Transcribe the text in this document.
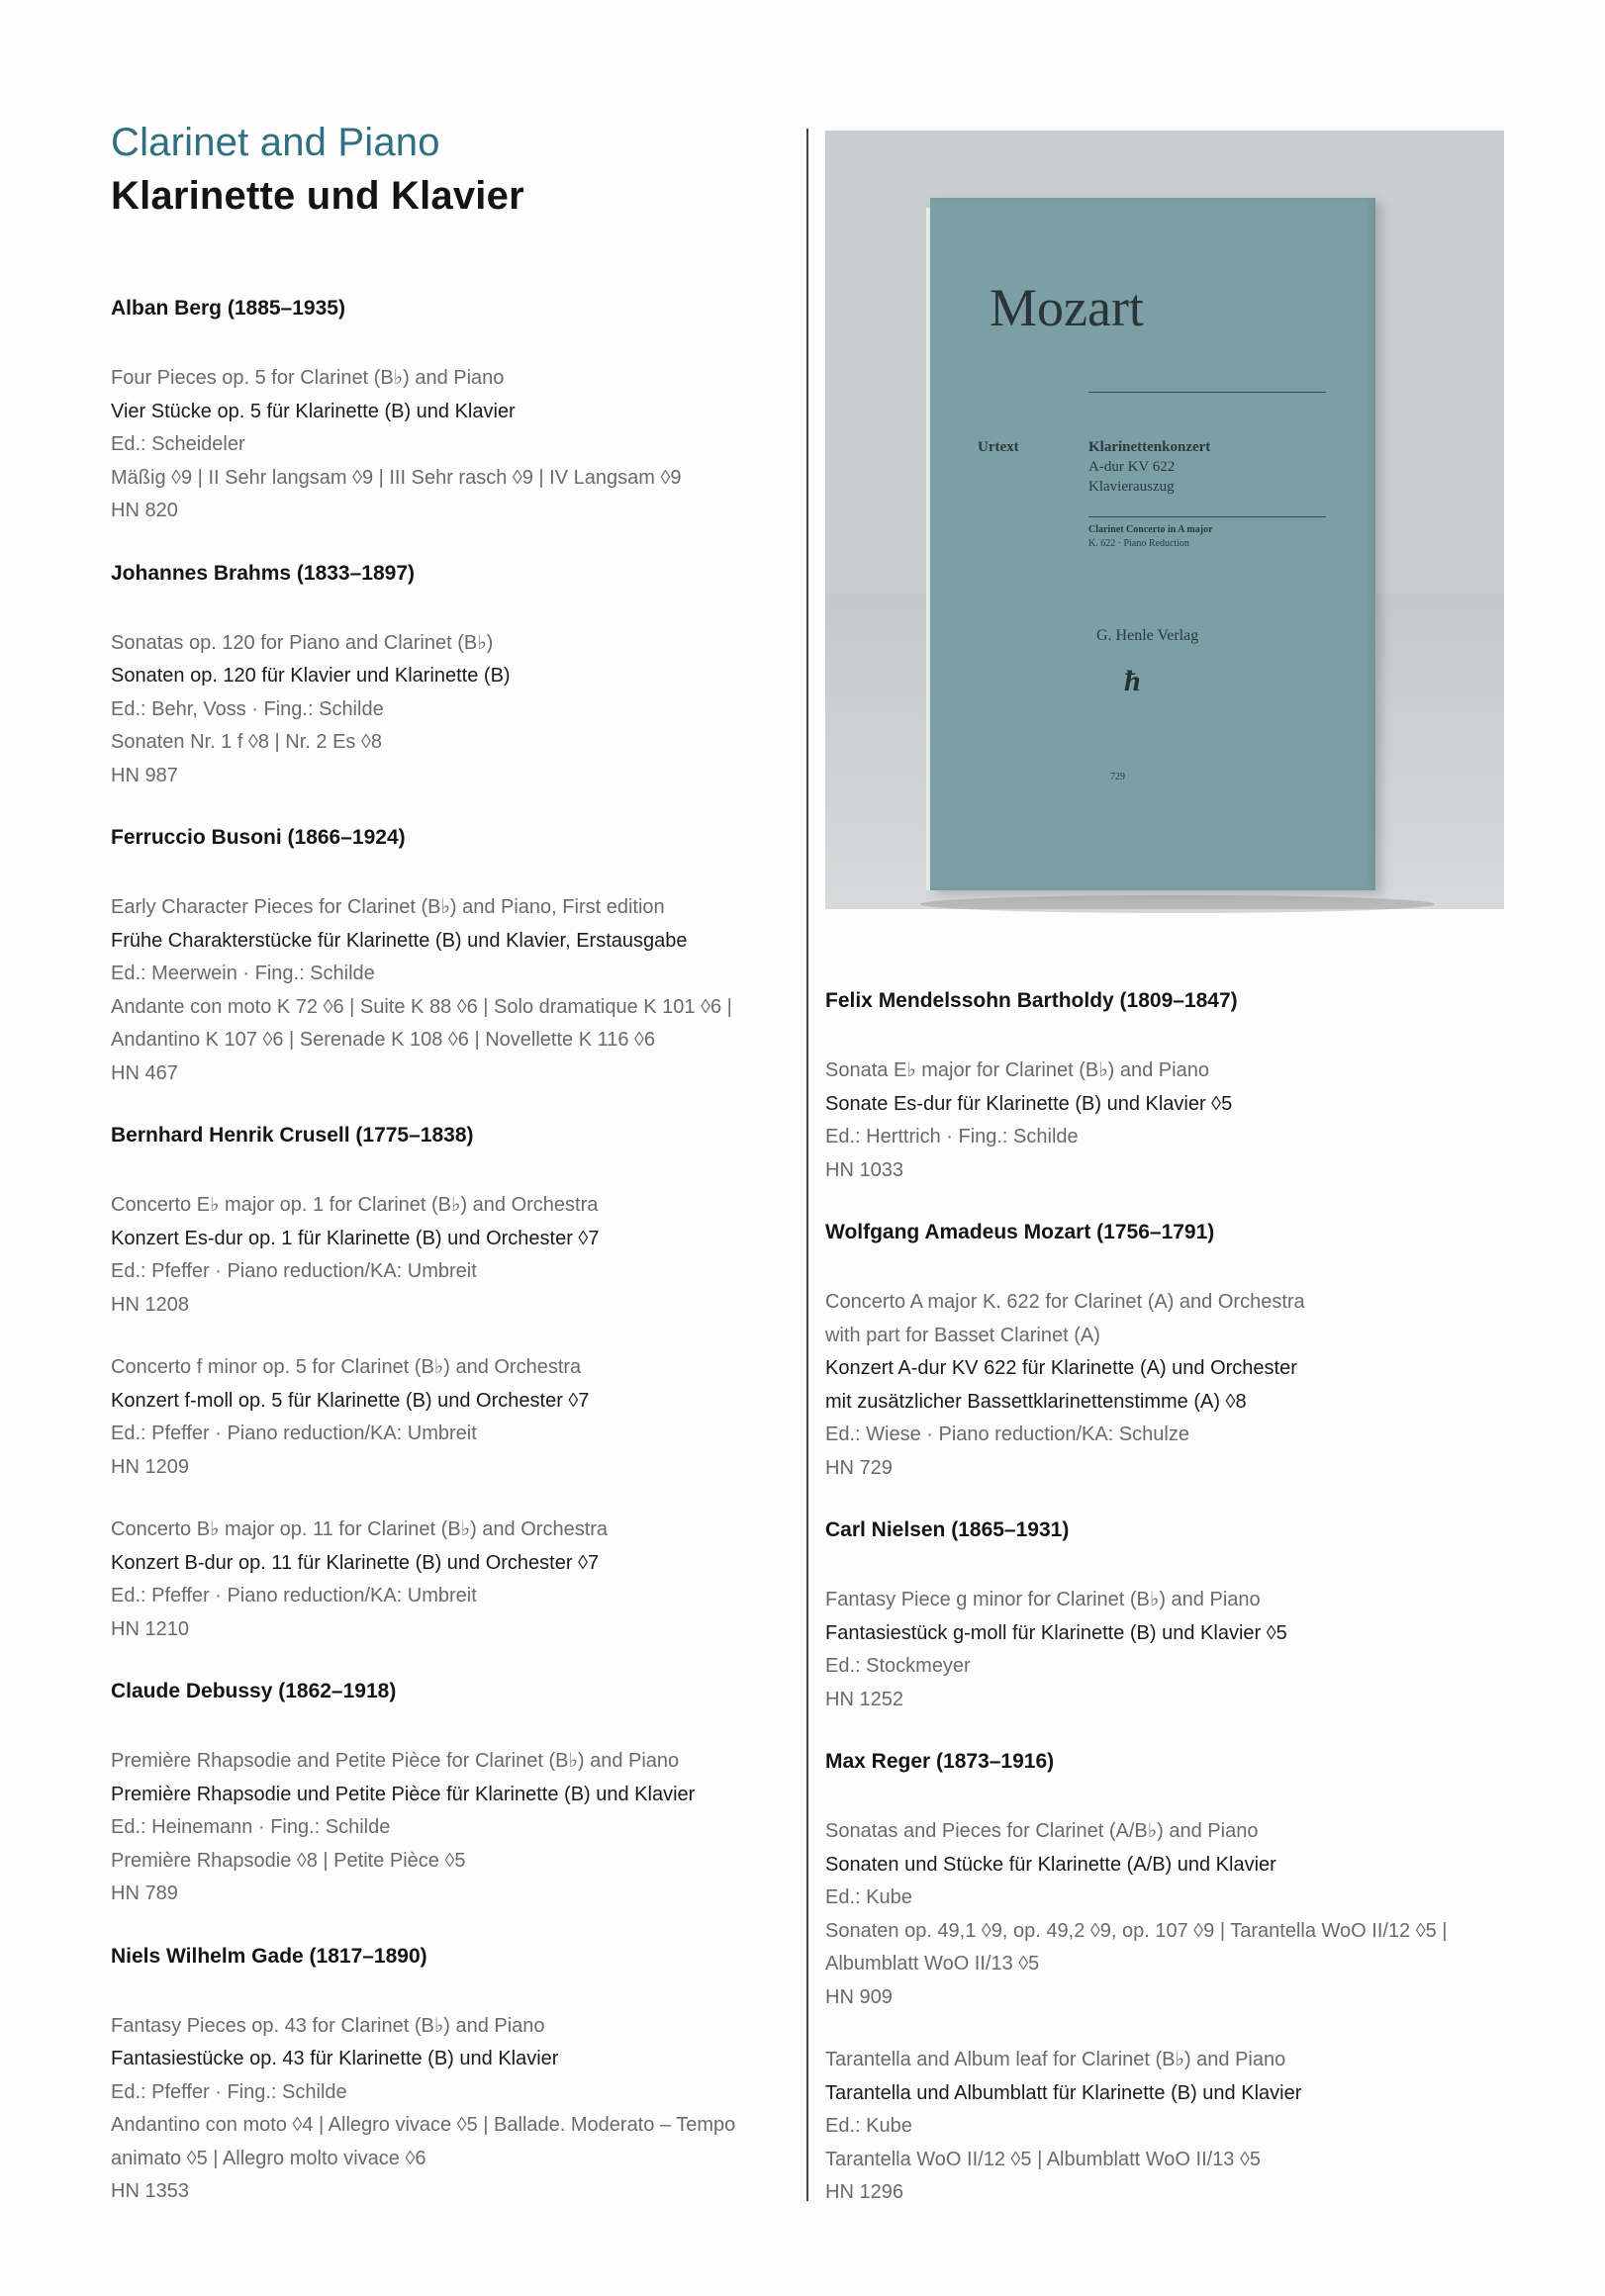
Clarinet and Piano
Klarinette und Klavier
Alban Berg (1885–1935)
Four Pieces op. 5 for Clarinet (B♭) and Piano
Vier Stücke op. 5 für Klarinette (B) und Klavier
Ed.: Scheideler
Mäßig ◊9 | II Sehr langsam ◊9 | III Sehr rasch ◊9 | IV Langsam ◊9
HN 820
Johannes Brahms (1833–1897)
Sonatas op. 120 for Piano and Clarinet (B♭)
Sonaten op. 120 für Klavier und Klarinette (B)
Ed.: Behr, Voss · Fing.: Schilde
Sonaten Nr. 1 f ◊8 | Nr. 2 Es ◊8
HN 987
Ferruccio Busoni (1866–1924)
Early Character Pieces for Clarinet (B♭) and Piano, First edition
Frühe Charakterstücke für Klarinette (B) und Klavier, Erstausgabe
Ed.: Meerwein · Fing.: Schilde
Andante con moto K 72 ◊6 | Suite K 88 ◊6 | Solo dramatique K 101 ◊6 |
Andantino K 107 ◊6 | Serenade K 108 ◊6 | Novellette K 116 ◊6
HN 467
Bernhard Henrik Crusell (1775–1838)
Concerto E♭ major op. 1 for Clarinet (B♭) and Orchestra
Konzert Es-dur op. 1 für Klarinette (B) und Orchester ◊7
Ed.: Pfeffer · Piano reduction/KA: Umbreit
HN 1208
Concerto f minor op. 5 for Clarinet (B♭) and Orchestra
Konzert f-moll op. 5 für Klarinette (B) und Orchester ◊7
Ed.: Pfeffer · Piano reduction/KA: Umbreit
HN 1209
Concerto B♭ major op. 11 for Clarinet (B♭) and Orchestra
Konzert B-dur op. 11 für Klarinette (B) und Orchester ◊7
Ed.: Pfeffer · Piano reduction/KA: Umbreit
HN 1210
Claude Debussy (1862–1918)
Première Rhapsodie and Petite Pièce for Clarinet (B♭) and Piano
Première Rhapsodie und Petite Pièce für Klarinette (B) und Klavier
Ed.: Heinemann · Fing.: Schilde
Première Rhapsodie ◊8 | Petite Pièce ◊5
HN 789
Niels Wilhelm Gade (1817–1890)
Fantasy Pieces op. 43 for Clarinet (B♭) and Piano
Fantasiestücke op. 43 für Klarinette (B) und Klavier
Ed.: Pfeffer · Fing.: Schilde
Andantino con moto ◊4 | Allegro vivace ◊5 | Ballade. Moderato – Tempo
animato ◊5 | Allegro molto vivace ◊6
HN 1353
Mozart
Urtext	Klarinettenkonzert
A-dur KV 622
Klavierauszug
Clarinet Concerto in A major
K. 622 · Piano Reduction
G. Henle Verlag
ħ
729
Felix Mendelssohn Bartholdy (1809–1847)
Sonata E♭ major for Clarinet (B♭) and Piano
Sonate Es-dur für Klarinette (B) und Klavier ◊5
Ed.: Herttrich · Fing.: Schilde
HN 1033
Wolfgang Amadeus Mozart (1756–1791)
Concerto A major K. 622 for Clarinet (A) and Orchestra
with part for Basset Clarinet (A)
Konzert A-dur KV 622 für Klarinette (A) und Orchester
mit zusätzlicher Bassettklarinettenstimme (A) ◊8
Ed.: Wiese · Piano reduction/KA: Schulze
HN 729
Carl Nielsen (1865–1931)
Fantasy Piece g minor for Clarinet (B♭) and Piano
Fantasiestück g-moll für Klarinette (B) und Klavier ◊5
Ed.: Stockmeyer
HN 1252
Max Reger (1873–1916)
Sonatas and Pieces for Clarinet (A/B♭) and Piano
Sonaten und Stücke für Klarinette (A/B) und Klavier
Ed.: Kube
Sonaten op. 49,1 ◊9, op. 49,2 ◊9, op. 107 ◊9 | Tarantella WoO II/12 ◊5 |
Albumblatt WoO II/13 ◊5
HN 909
Tarantella and Album leaf for Clarinet (B♭) and Piano
Tarantella und Albumblatt für Klarinette (B) und Klavier
Ed.: Kube
Tarantella WoO II/12 ◊5 | Albumblatt WoO II/13 ◊5
HN 1296
